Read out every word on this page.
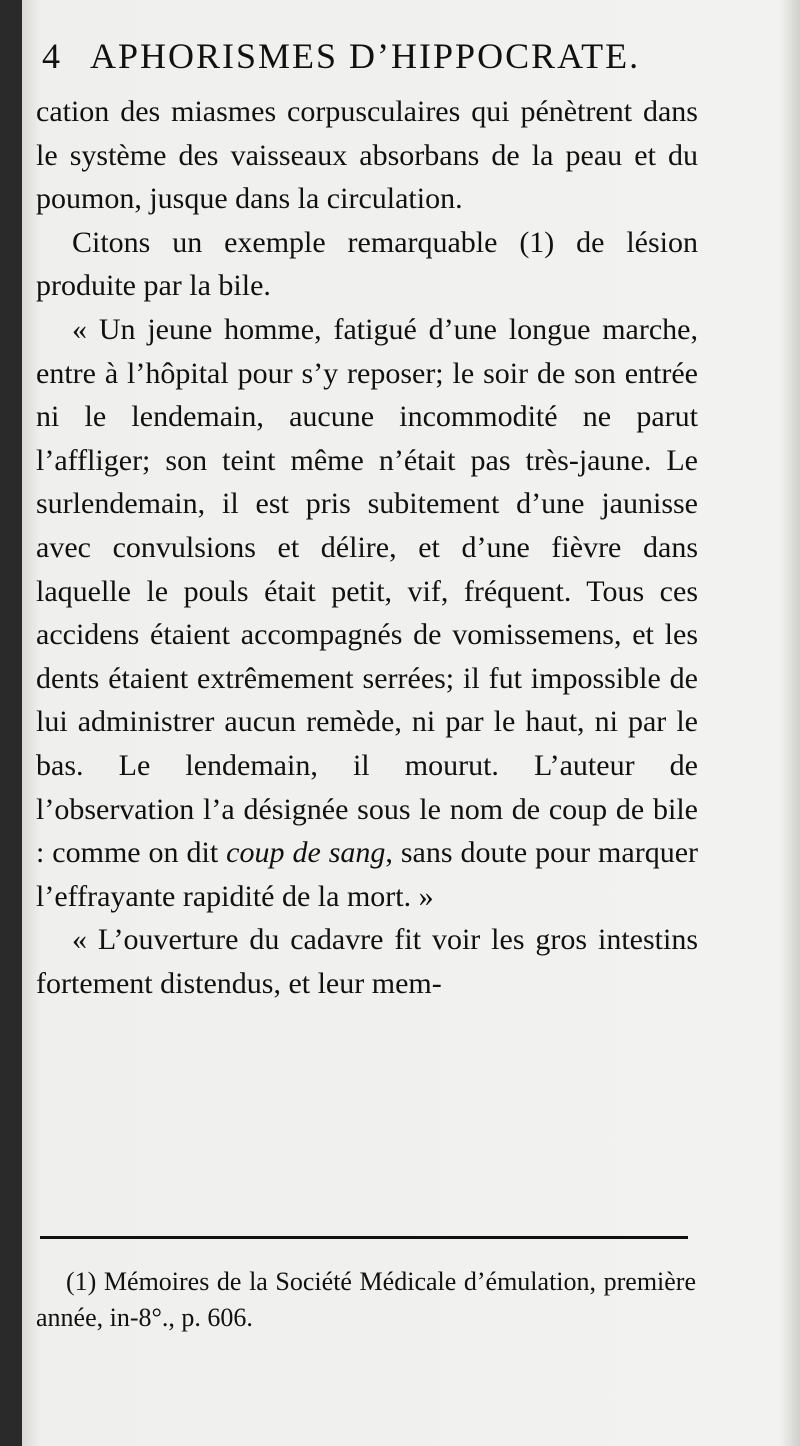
4 APHORISMES D’HIPPOCRATE.

cation des miasmes corpusculaires qui pénètrent dans le système des vaisseaux absorbans de la peau et du poumon, jusque dans la circulation.

Citons un exemple remarquable (1) de lésion produite par la bile.

« Un jeune homme, fatigué d’une longue marche, entre à l’hôpital pour s’y reposer; le soir de son entrée ni le lendemain, aucune incommodité ne parut l’affliger; son teint même n’était pas très-jaune. Le surlendemain, il est pris subitement d’une jaunisse avec convulsions et délire, et d’une fièvre dans laquelle le pouls était petit, vif, fréquent. Tous ces accidens étaient accompagnés de vomissemens, et les dents étaient extrêmement serrées; il fut impossible de lui administrer aucun remède, ni par le haut, ni par le bas. Le lendemain, il mourut. L’auteur de l’observation l’a désignée sous le nom de coup de bile : comme on dit coup de sang, sans doute pour marquer l’effrayante rapidité de la mort. »

« L’ouverture du cadavre fit voir les gros intestins fortement distendus, et leur mem-

(1) Mémoires de la Société Médicale d’émulation, première année, in-8°., p. 606.
